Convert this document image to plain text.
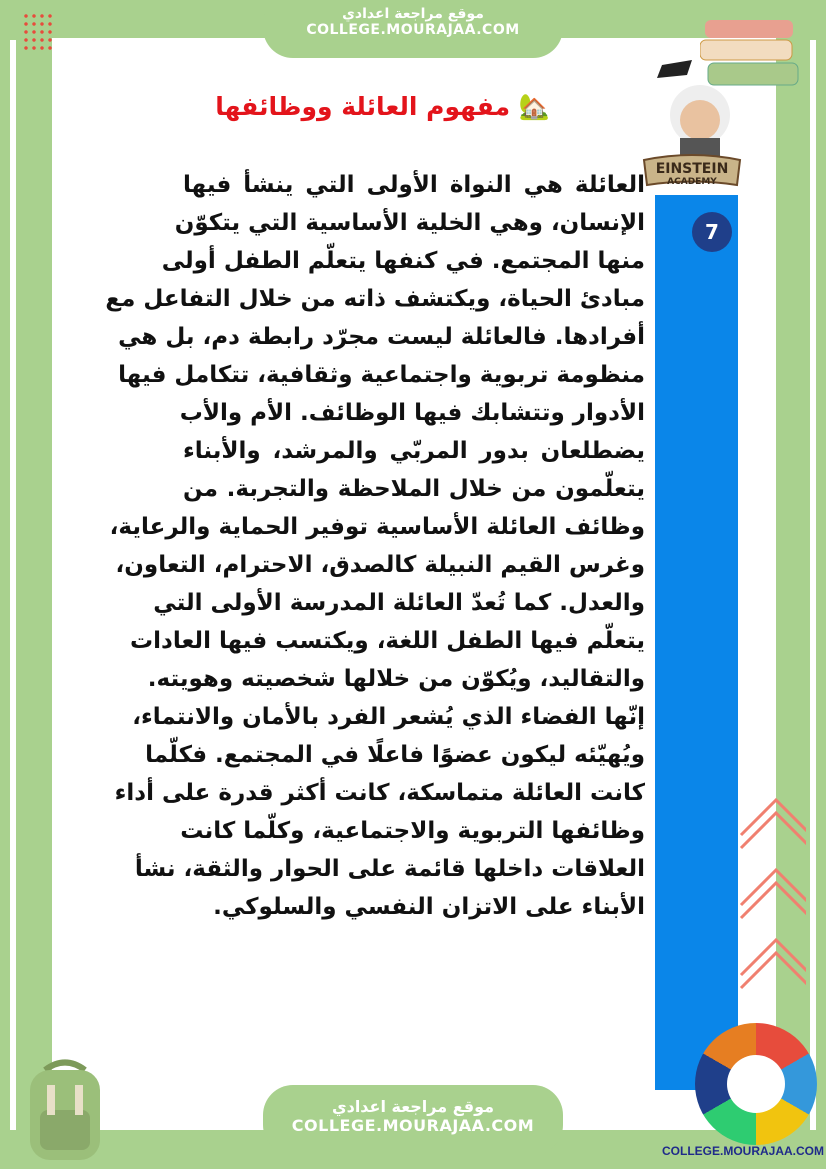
موقع مراجعة اعدادي
COLLEGE.MOURAJAA.COM
EINSTEIN
ACADEMY
7
🏡 مفهوم العائلة ووظائفها
العائلة هي النواة الأولى التي ينشأ فيها
الإنسان، وهي الخلية الأساسية التي يتكوّن
منها المجتمع. في كنفها يتعلّم الطفل أولى
مبادئ الحياة، ويكتشف ذاته من خلال التفاعل مع
أفرادها. فالعائلة ليست مجرّد رابطة دم، بل هي
منظومة تربوية واجتماعية وثقافية، تتكامل فيها
الأدوار وتتشابك فيها الوظائف. الأم والأب
يضطلعان بدور المربّي والمرشد، والأبناء
يتعلّمون من خلال الملاحظة والتجربة. من
وظائف العائلة الأساسية توفير الحماية والرعاية،
وغرس القيم النبيلة كالصدق، الاحترام، التعاون،
والعدل. كما تُعدّ العائلة المدرسة الأولى التي
يتعلّم فيها الطفل اللغة، ويكتسب فيها العادات
والتقاليد، ويُكوّن من خلالها شخصيته وهويته.
إنّها الفضاء الذي يُشعر الفرد بالأمان والانتماء،
ويُهيّئه ليكون عضوًا فاعلًا في المجتمع. فكلّما
كانت العائلة متماسكة، كانت أكثر قدرة على أداء
وظائفها التربوية والاجتماعية، وكلّما كانت
العلاقات داخلها قائمة على الحوار والثقة، نشأ
الأبناء على الاتزان النفسي والسلوكي.
COLLEGE.MOURAJAA.COM
موقع مراجعة اعدادي
COLLEGE.MOURAJAA.COM
